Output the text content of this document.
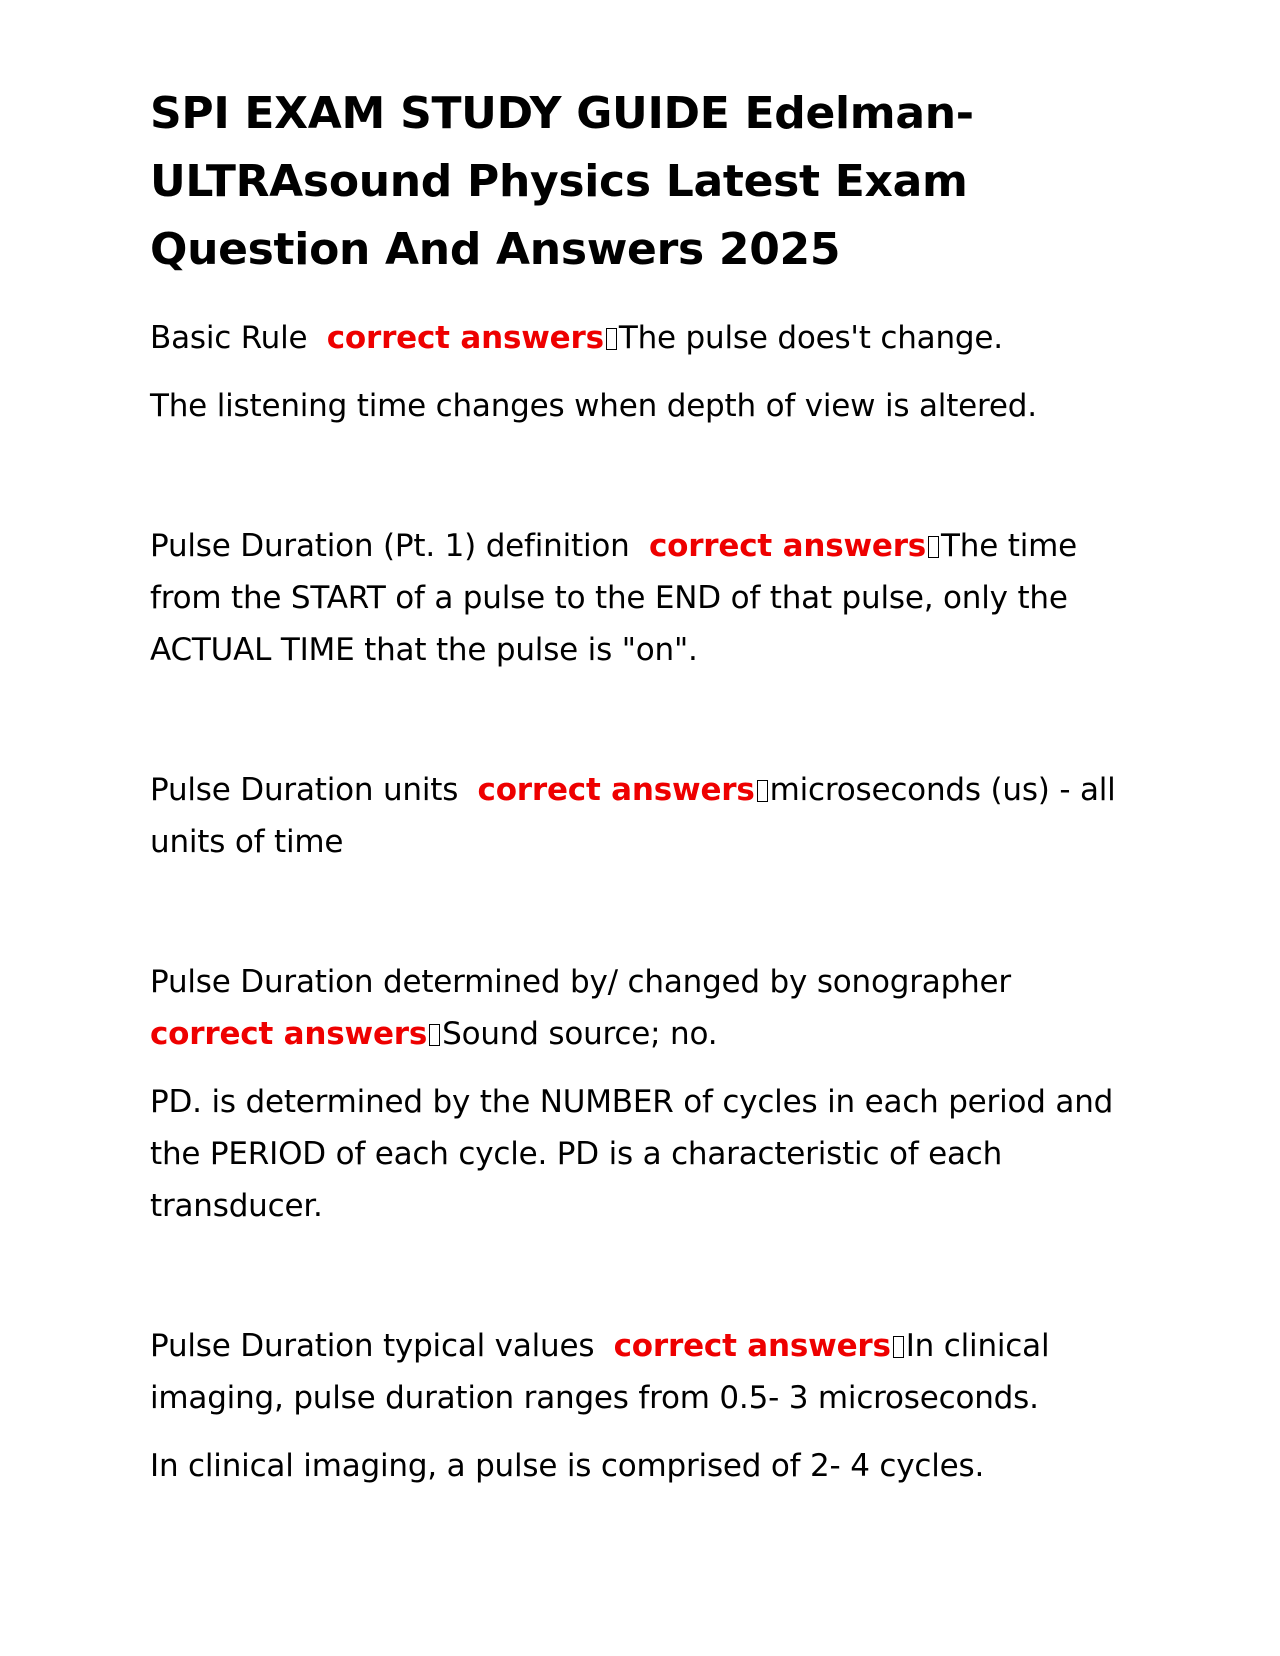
SPI EXAM STUDY GUIDE Edelman-ULTRAsound Physics Latest Exam Question And Answers 2025

Basic Rule correct answers The pulse does't change.

The listening time changes when depth of view is altered.

Pulse Duration (Pt. 1) definition correct answers The time from the START of a pulse to the END of that pulse, only the ACTUAL TIME that the pulse is "on".

Pulse Duration units correct answers microseconds (us) - all units of time

Pulse Duration determined by/ changed by sonographer correct answers Sound source; no.

PD. is determined by the NUMBER of cycles in each period and the PERIOD of each cycle. PD is a characteristic of each transducer.

Pulse Duration typical values correct answers In clinical imaging, pulse duration ranges from 0.5- 3 microseconds.

In clinical imaging, a pulse is comprised of 2- 4 cycles.
